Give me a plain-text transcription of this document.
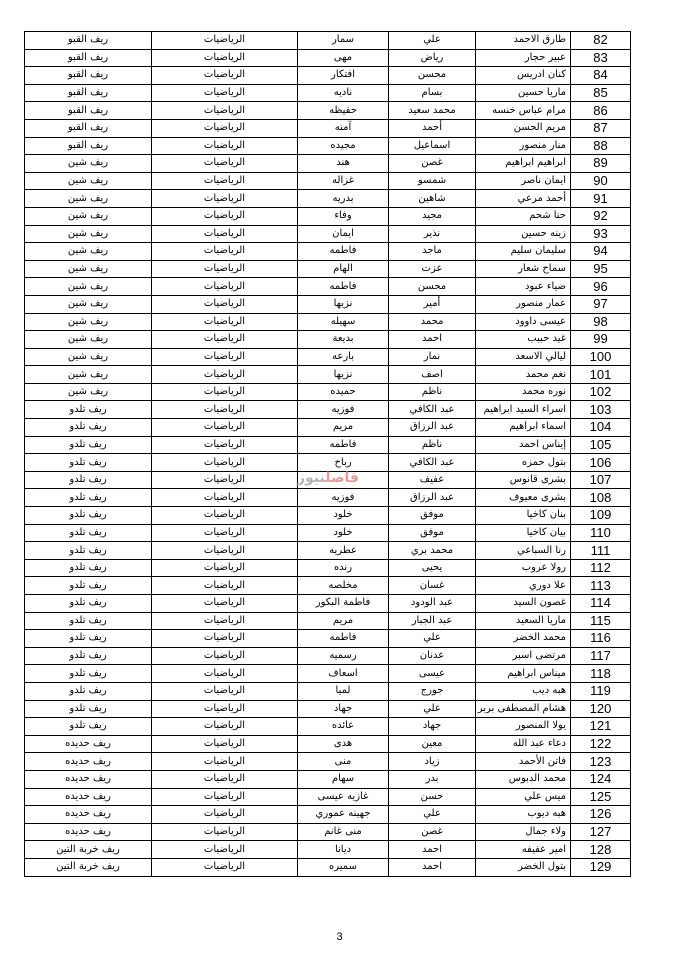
82	طارق الاحمد	علي	سمار	الرياضيات	ريف القبو
83	عبير حجار	رياض	مهى	الرياضيات	ريف القبو
84	كنان ادريس	محسن	افتكار	الرياضيات	ريف القبو
85	ماريا حسين	بسام	ناديه	الرياضيات	ريف القبو
86	مرام عباس خنسه	محمد سعيد	حفيظه	الرياضيات	ريف القبو
87	مريم الحسن	أحمد	آمنه	الرياضيات	ريف القبو
88	منار منصور	اسماعيل	مجيده	الرياضيات	ريف القبو
89	ابراهيم ابراهيم	غصن	هند	الرياضيات	ريف شين
90	ايمان ناصر	شمسو	غزاله	الرياضيات	ريف شين
91	أحمد مرعي	شاهين	بدريه	الرياضيات	ريف شين
92	حنا شحم	مجيد	وفاء	الرياضيات	ريف شين
93	زينه حسين	نذير	ايمان	الرياضيات	ريف شين
94	سليمان سليم	ماجد	فاطمه	الرياضيات	ريف شين
95	سماح شعار	عزت	الهام	الرياضيات	ريف شين
96	ضياء عبود	محسن	فاطمه	الرياضيات	ريف شين
97	عمار منصور	أمير	نزيها	الرياضيات	ريف شين
98	عيسى داوود	محمد	سهيله	الرياضيات	ريف شين
99	غيد حبيب	احمد	بديعة	الرياضيات	ريف شين
100	ليالي الاسعد	نمار	بارعه	الرياضيات	ريف شين
101	نغم محمد	اصف	نزيها	الرياضيات	ريف شين
102	نوره محمد	ناظم	حميده	الرياضيات	ريف شين
103	اسراء السيد ابراهيم	عبد الكافي	فوزيه	الرياضيات	ريف تلدو
104	اسماء ابراهيم	عبد الرزاق	مريم	الرياضيات	ريف تلدو
105	إيناس احمد	ناظم	فاطمه	الرياضيات	ريف تلدو
106	بتول حمزه	عبد الكافي	رباح	الرياضيات	ريف تلدو
107	بشرى قانوس	عفيف		الرياضيات	ريف تلدو
108	بشرى معيوف	عبد الرزاق	فوزيه	الرياضيات	ريف تلدو
109	بنان كاخيا	موفق	خلود	الرياضيات	ريف تلدو
110	بيان كاخيا	موفق	خلود	الرياضيات	ريف تلدو
111	رنا السباعي	محمد بري	عطريه	الرياضيات	ريف تلدو
112	رولا عروب	يحيى	رنده	الرياضيات	ريف تلدو
113	علا دوري	غسان	مخلصه	الرياضيات	ريف تلدو
114	غصون السيد	عبد الودود	فاطمة البكور	الرياضيات	ريف تلدو
115	ماريا السعيد	عبد الجبار	مريم	الرياضيات	ريف تلدو
116	محمد الخضر	علي	فاطمه	الرياضيات	ريف تلدو
117	مرتضى اسبر	عدنان	رسميه	الرياضيات	ريف تلدو
118	ميناس ابراهيم	عيسى	اسعاف	الرياضيات	ريف تلدو
119	هبه ديب	جورج	لميا	الرياضيات	ريف تلدو
120	هشام المصطفى بربر	علي	جهاد	الرياضيات	ريف تلدو
121	يولا المنصور	جهاد	عائده	الرياضيات	ريف تلدو
122	دعاء عبد الله	معين	هدى	الرياضيات	ريف حديده
123	فاتن الأحمد	زياد	منى	الرياضيات	ريف حديده
124	محمد الدبوس	بدر	سهام	الرياضيات	ريف حديده
125	ميس علي	حسن	غازيه عيسى	الرياضيات	ريف حديده
126	هبه ديوب	علي	جهينه عموري	الرياضيات	ريف حديده
127	ولاء جمال	غصن	منى غانم	الرياضيات	ريف حديده
128	امير عفيفه	احمد	ديانا	الرياضيات	ريف خربة التين
129	بتول الخضر	احمد	سميره	الرياضيات	ريف خربة التين
فاصلنيوز
3
